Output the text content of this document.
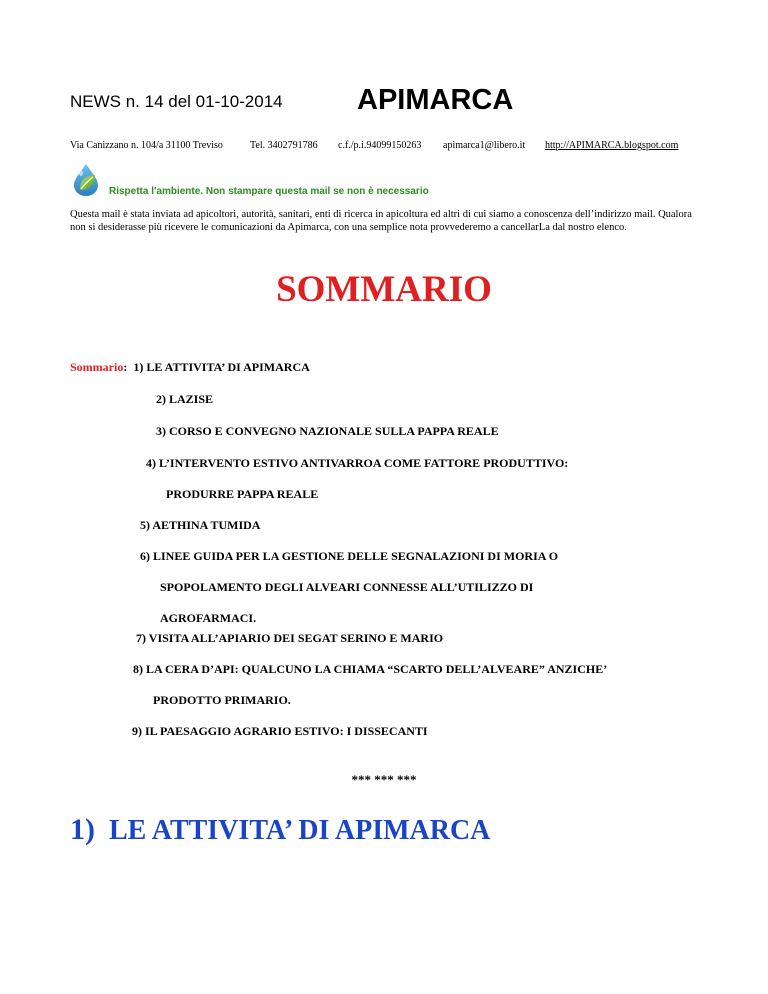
NEWS n. 14 del 01-10-2014	APIMARCA
Via Canizzano n. 104/a 31100 Treviso	Tel. 3402791786 c.f./p.i.94099150263 apimarca1@libero.it http://APIMARCA.blogspot.com
Rispetta l'ambiente. Non stampare questa mail se non è necessario
Questa mail è stata inviata ad apicoltori, autorità, sanitari, enti di ricerca in apicoltura ed altri di cui siamo a conoscenza dell’indirizzo mail. Qualora non si desiderasse più ricevere le comunicazioni da Apimarca, con una semplice nota provvederemo a cancellarLa dal nostro elenco.
SOMMARIO
Sommario: 1) LE ATTIVITA’ DI APIMARCA
2) LAZISE
3) CORSO E CONVEGNO NAZIONALE SULLA PAPPA REALE
4) L’INTERVENTO ESTIVO ANTIVARROA COME FATTORE PRODUTTIVO:
PRODURRE PAPPA REALE
5) AETHINA TUMIDA
6) LINEE GUIDA PER LA GESTIONE DELLE SEGNALAZIONI DI MORIA O
SPOPOLAMENTO DEGLI ALVEARI CONNESSE ALL’UTILIZZO DI
AGROFARMACI.
7) VISITA ALL’APIARIO DEI SEGAT SERINO E MARIO
8) LA CERA D’API: QUALCUNO LA CHIAMA “SCARTO DELL’ALVEARE” ANZICHE’
PRODOTTO PRIMARIO.
9) IL PAESAGGIO AGRARIO ESTIVO: I DISSECANTI
*** *** ***
1) LE ATTIVITA’ DI APIMARCA
